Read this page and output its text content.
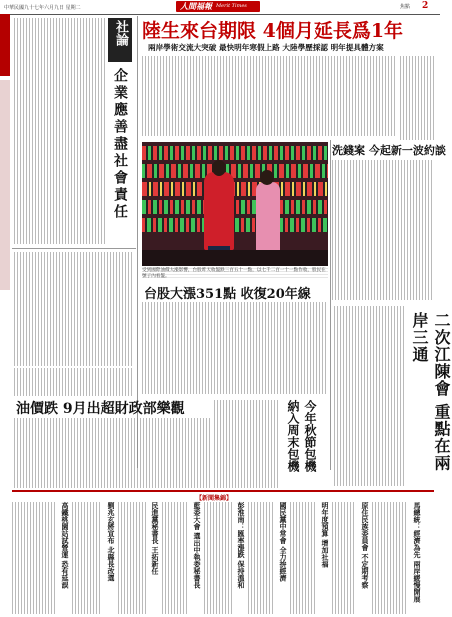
中華民國九十七年六月九日 星期二	人間福報 Merit Times	焦點 2
社論
企業應善盡社會責任
陸生來台期限 4個月延長爲1年
兩岸學術交流大突破 最快明年寒假上路 大陸學歷採認 明年提具體方案
受到國際油價大漲影響，台股昨天收盤跌三百五十一點，以七千二百一十一點作收，股民在號子內看盤。
洗錢案 今起新一波約談
台股大漲351點 收復20年線
二次江陳會 重點在兩岸三通
油價跌 9月出超財政部樂觀	今年秋節包機 納入周末包機
【新聞集錦】
高鐵桃園站試營運 恐有延誤	劉兆玄將宣布 北縣長改選	民進黨秘書長 王拓新任	藍委大會 選出中執委秘書長	彭淮南：匯率漲跌 保持溫和	國民黨中常會 全力拚經濟	明年度預算 增加社福	原住民族委員會 不定期考察	馬總統：經濟為先 兩岸緩慢開展
